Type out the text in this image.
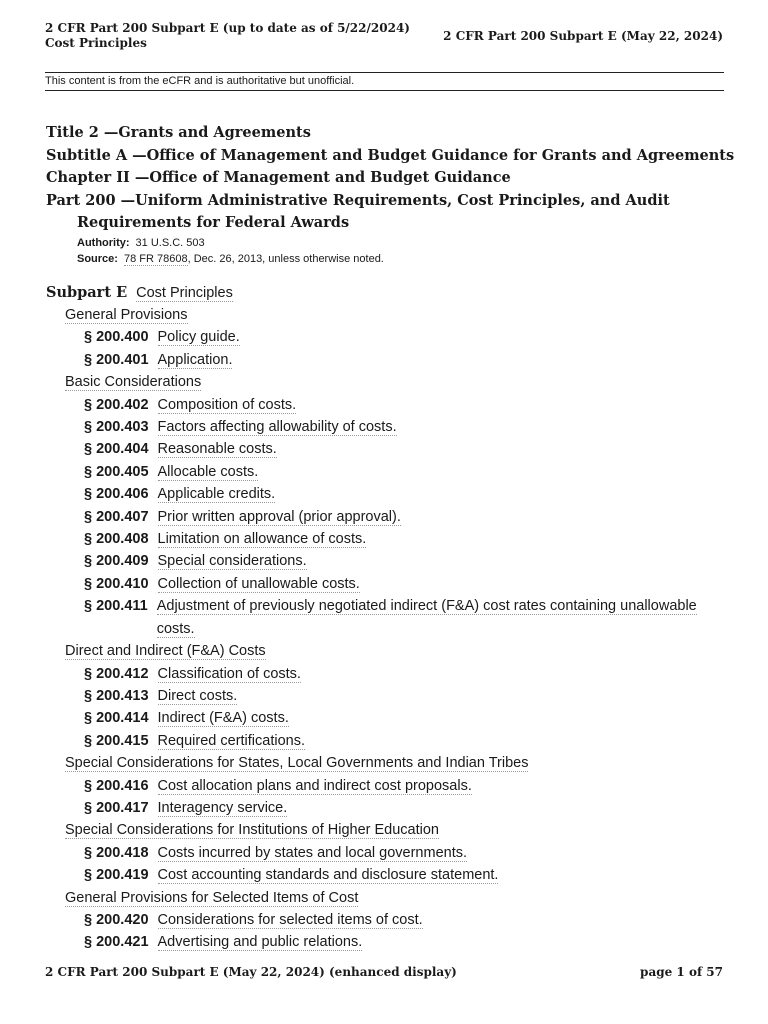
2 CFR Part 200 Subpart E (up to date as of 5/22/2024)
Cost Principles	2 CFR Part 200 Subpart E (May 22, 2024)
This content is from the eCFR and is authoritative but unofficial.
Title 2 —Grants and Agreements
Subtitle A —Office of Management and Budget Guidance for Grants and Agreements
Chapter II —Office of Management and Budget Guidance
Part 200 —Uniform Administrative Requirements, Cost Principles, and Audit Requirements for Federal Awards
Authority: 31 U.S.C. 503
Source: 78 FR 78608, Dec. 26, 2013, unless otherwise noted.
Subpart E Cost Principles
General Provisions
§ 200.400 Policy guide.
§ 200.401 Application.
Basic Considerations
§ 200.402 Composition of costs.
§ 200.403 Factors affecting allowability of costs.
§ 200.404 Reasonable costs.
§ 200.405 Allocable costs.
§ 200.406 Applicable credits.
§ 200.407 Prior written approval (prior approval).
§ 200.408 Limitation on allowance of costs.
§ 200.409 Special considerations.
§ 200.410 Collection of unallowable costs.
§ 200.411 Adjustment of previously negotiated indirect (F&A) cost rates containing unallowable costs.
Direct and Indirect (F&A) Costs
§ 200.412 Classification of costs.
§ 200.413 Direct costs.
§ 200.414 Indirect (F&A) costs.
§ 200.415 Required certifications.
Special Considerations for States, Local Governments and Indian Tribes
§ 200.416 Cost allocation plans and indirect cost proposals.
§ 200.417 Interagency service.
Special Considerations for Institutions of Higher Education
§ 200.418 Costs incurred by states and local governments.
§ 200.419 Cost accounting standards and disclosure statement.
General Provisions for Selected Items of Cost
§ 200.420 Considerations for selected items of cost.
§ 200.421 Advertising and public relations.
2 CFR Part 200 Subpart E (May 22, 2024) (enhanced display)	page 1 of 57
